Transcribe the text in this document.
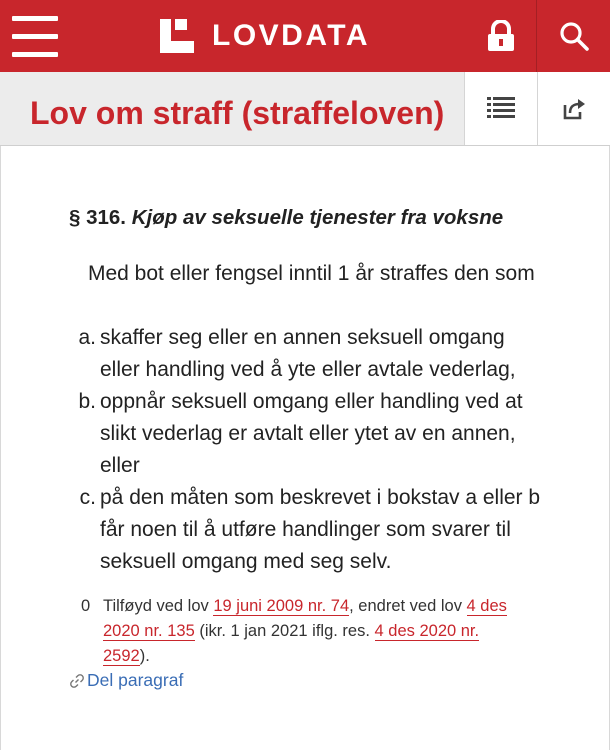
LOVDATA
Lov om straff (straffeloven)
§ 316. Kjøp av seksuelle tjenester fra voksne

Med bot eller fengsel inntil 1 år straffes den som

a. skaffer seg eller en annen seksuell omgang eller handling ved å yte eller avtale vederlag,
b. oppnår seksuell omgang eller handling ved at slikt vederlag er avtalt eller ytet av en annen, eller
c. på den måten som beskrevet i bokstav a eller b får noen til å utføre handlinger som svarer til seksuell omgang med seg selv.
0 Tilføyd ved lov 19 juni 2009 nr. 74, endret ved lov 4 des 2020 nr. 135 (ikr. 1 jan 2021 iflg. res. 4 des 2020 nr. 2592).
Del paragraf
